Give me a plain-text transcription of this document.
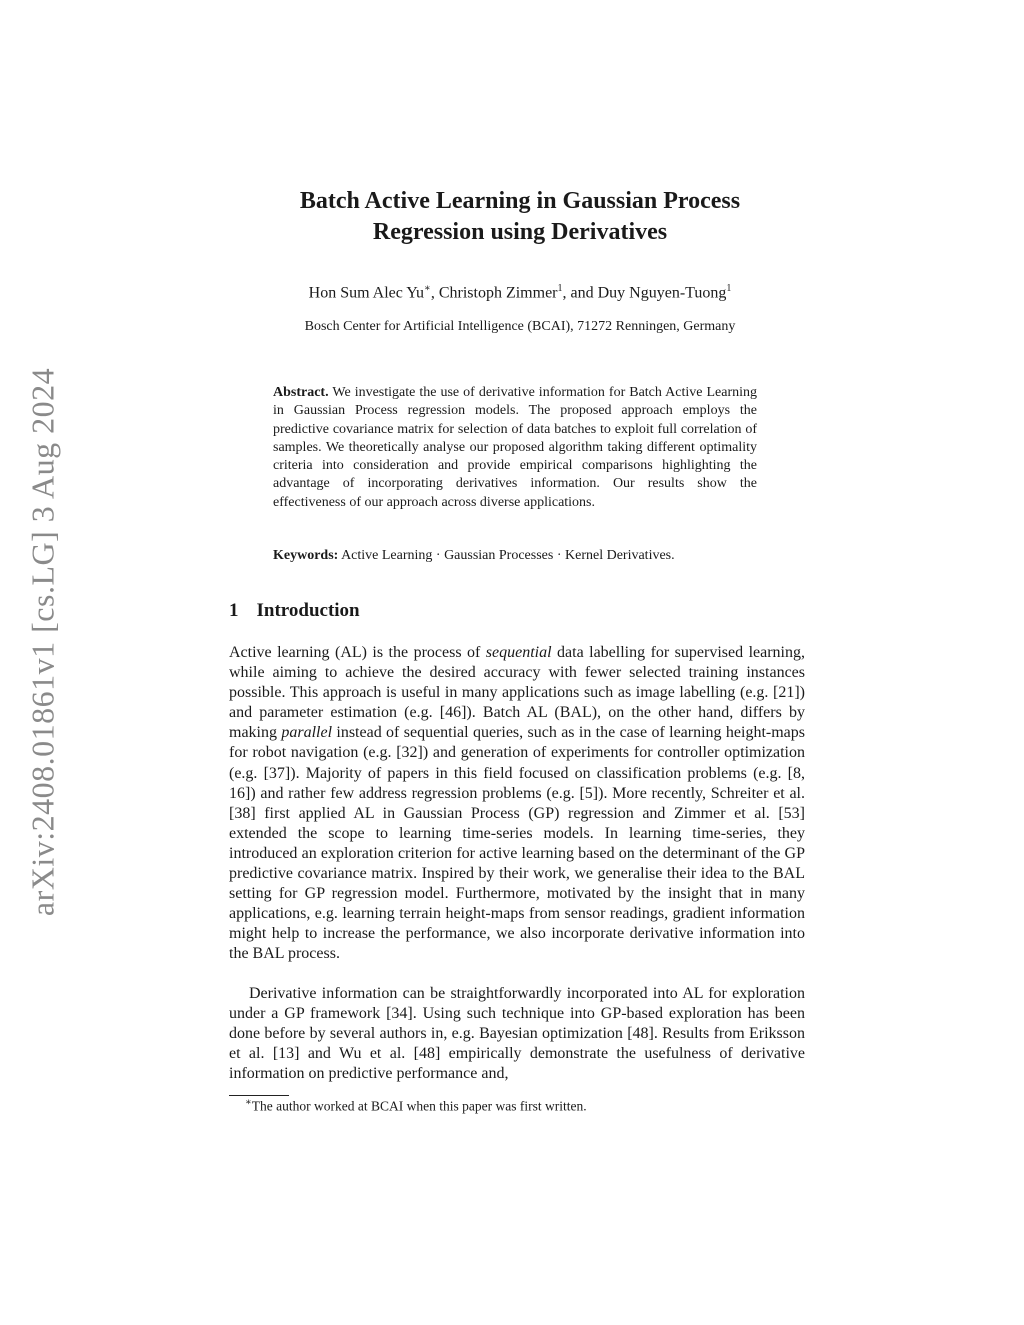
arXiv:2408.01861v1 [cs.LG] 3 Aug 2024
Batch Active Learning in Gaussian Process
Regression using Derivatives
Hon Sum Alec Yu∗, Christoph Zimmer$^1$, and Duy Nguyen-Tuong$^1$
Bosch Center for Artificial Intelligence (BCAI), 71272 Renningen, Germany
Abstract. We investigate the use of derivative information for Batch Active Learning in Gaussian Process regression models. The proposed approach employs the predictive covariance matrix for selection of data batches to exploit full correlation of samples. We theoretically analyse our proposed algorithm taking different optimality criteria into consideration and provide empirical comparisons highlighting the advantage of incorporating derivatives information. Our results show the effectiveness of our approach across diverse applications.
Keywords: Active Learning · Gaussian Processes · Kernel Derivatives.
1 Introduction
Active learning (AL) is the process of sequential data labelling for supervised learning, while aiming to achieve the desired accuracy with fewer selected training instances possible. This approach is useful in many applications such as image labelling (e.g. [21]) and parameter estimation (e.g. [46]). Batch AL (BAL), on the other hand, differs by making parallel instead of sequential queries, such as in the case of learning height-maps for robot navigation (e.g. [32]) and generation of experiments for controller optimization (e.g. [37]). Majority of papers in this field focused on classification problems (e.g. [8, 16]) and rather few address regression problems (e.g. [5]). More recently, Schreiter et al. [38] first applied AL in Gaussian Process (GP) regression and Zimmer et al. [53] extended the scope to learning time-series models. In learning time-series, they introduced an exploration criterion for active learning based on the determinant of the GP predictive covariance matrix. Inspired by their work, we generalise their idea to the BAL setting for GP regression model. Furthermore, motivated by the insight that in many applications, e.g. learning terrain height-maps from sensor readings, gradient information might help to increase the performance, we also incorporate derivative information into the BAL process.
Derivative information can be straightforwardly incorporated into AL for exploration under a GP framework [34]. Using such technique into GP-based exploration has been done before by several authors in, e.g. Bayesian optimization [48]. Results from Eriksson et al. [13] and Wu et al. [48] empirically demonstrate the usefulness of derivative information on predictive performance and,
∗The author worked at BCAI when this paper was first written.
